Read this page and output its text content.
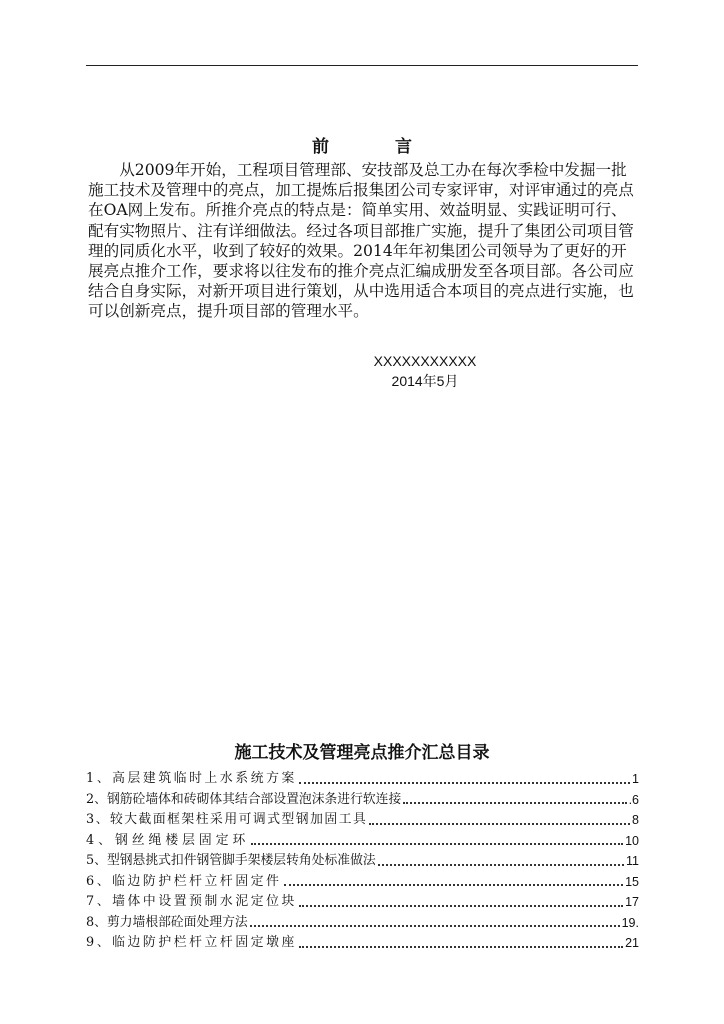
前 言

从2009年开始，工程项目管理部、安技部及总工办在每次季检中发掘一批施工技术及管理中的亮点，加工提炼后报集团公司专家评审，对评审通过的亮点在OA网上发布。所推介亮点的特点是：简单实用、效益明显、实践证明可行、配有实物照片、注有详细做法。经过各项目部推广实施，提升了集团公司项目管理的同质化水平，收到了较好的效果。2014年年初集团公司领导为了更好的开展亮点推介工作，要求将以往发布的推介亮点汇编成册发至各项目部。各公司应结合自身实际，对新开项目进行策划，从中选用适合本项目的亮点进行实施，也可以创新亮点，提升项目部的管理水平。

XXXXXXXXXXX
2014年5月
施工技术及管理亮点推介汇总目录
1、高层建筑临时上水系统方案	1
2、钢筋砼墙体和砖砌体其结合部设置泡沫条进行软连接	.6
3、较大截面框架柱采用可调式型钢加固工具	8
4、钢丝绳楼层固定环	10
5、型钢悬挑式扣件钢管脚手架楼层转角处标准做法	11
6、临边防护栏杆立杆固定件	15
7、墙体中设置预制水泥定位块	17
8、剪力墙根部砼面处理方法	19.
9、临边防护栏杆立杆固定墩座	21
